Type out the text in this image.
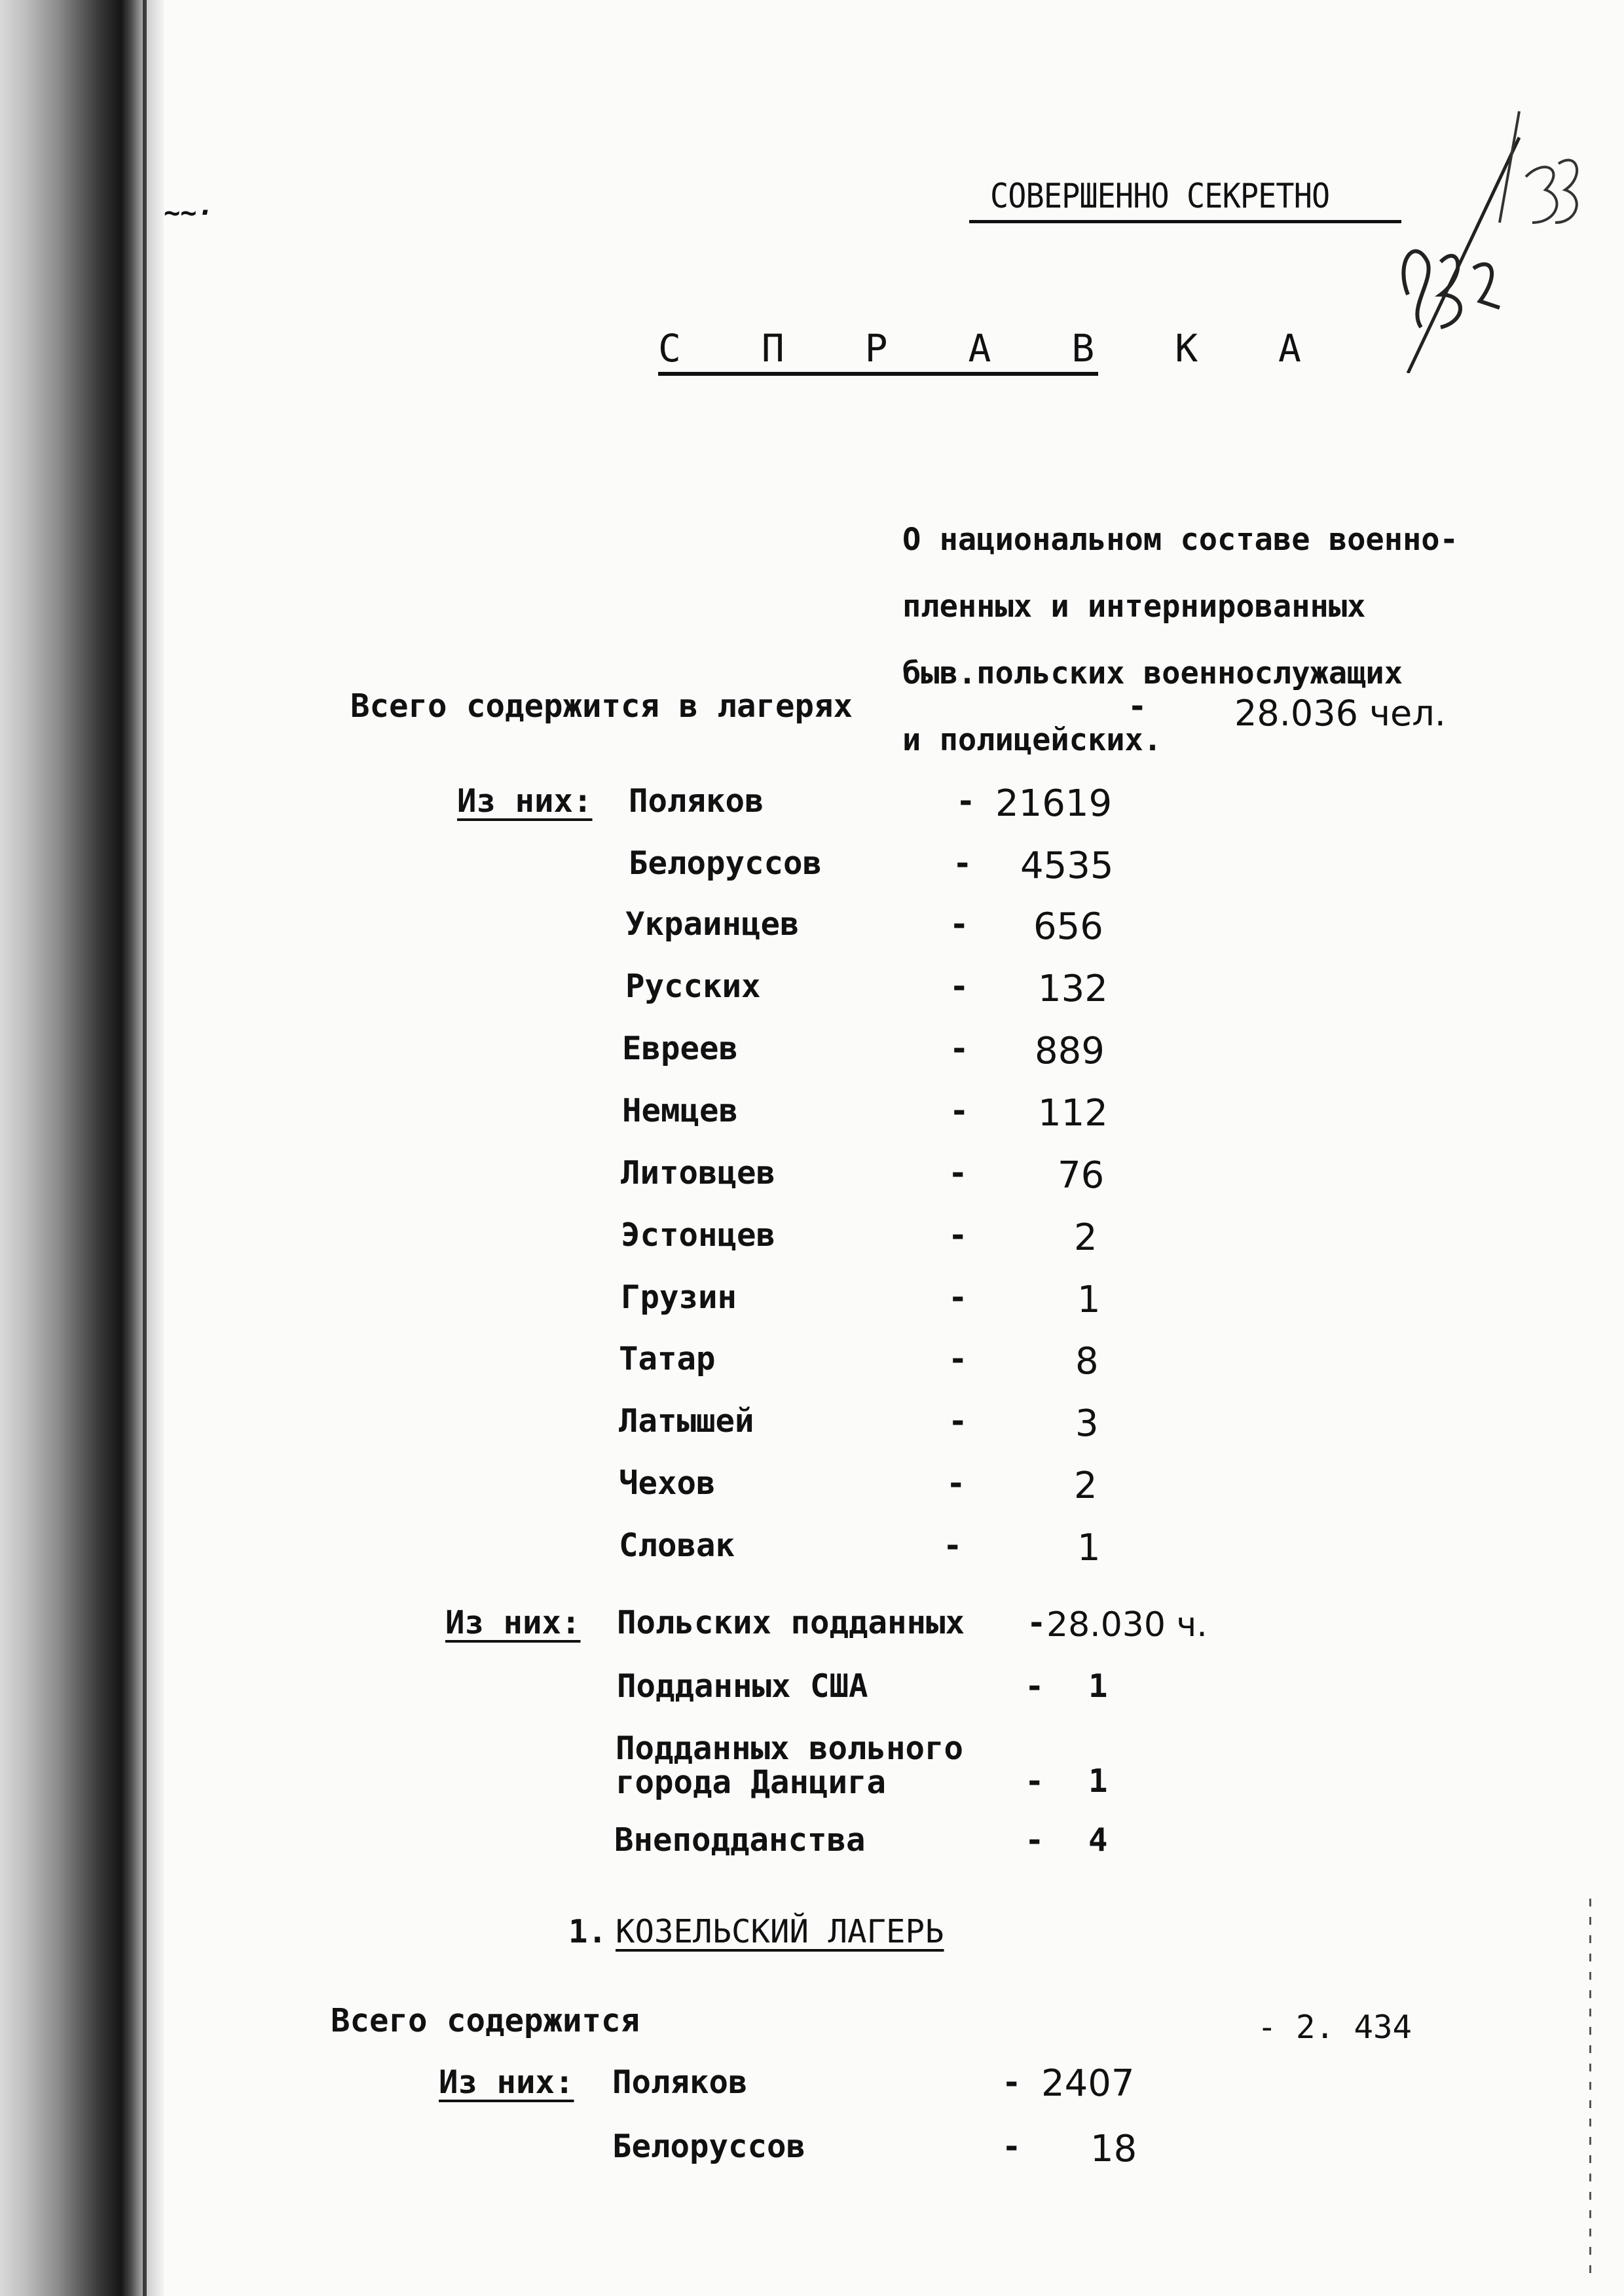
~~·	СОВЕРШЕННО СЕКРЕТНО
С П Р А В К А

О национальном составе военно-

пленных и интернированных

быв.польских военнослужащих

и полицейских.

Всего содержится в лагерях	- 28.036 чел.
Из них: Поляков	- 21619
Белоруссов	- 4535
Украинцев	- 656
Русских	- 132
Евреев	- 889
Немцев	- 112
Литовцев	- 76
Эстонцев	-	2
Грузин	-	1
Татар	-	8
Латышей	-	3
Чехов	-	2
Словак	-	1
Из них: Польских подданных - 28.030 ч.
Подданных США	- 1
Подданных вольного
города Данцига	- 1
Внеподданства	- 4
1. КОЗЕЛЬСКИЙ ЛАГЕРЬ
Всего содержится	- 2. 434
Из них: Поляков	- 2407
Белоруссов	- 18
